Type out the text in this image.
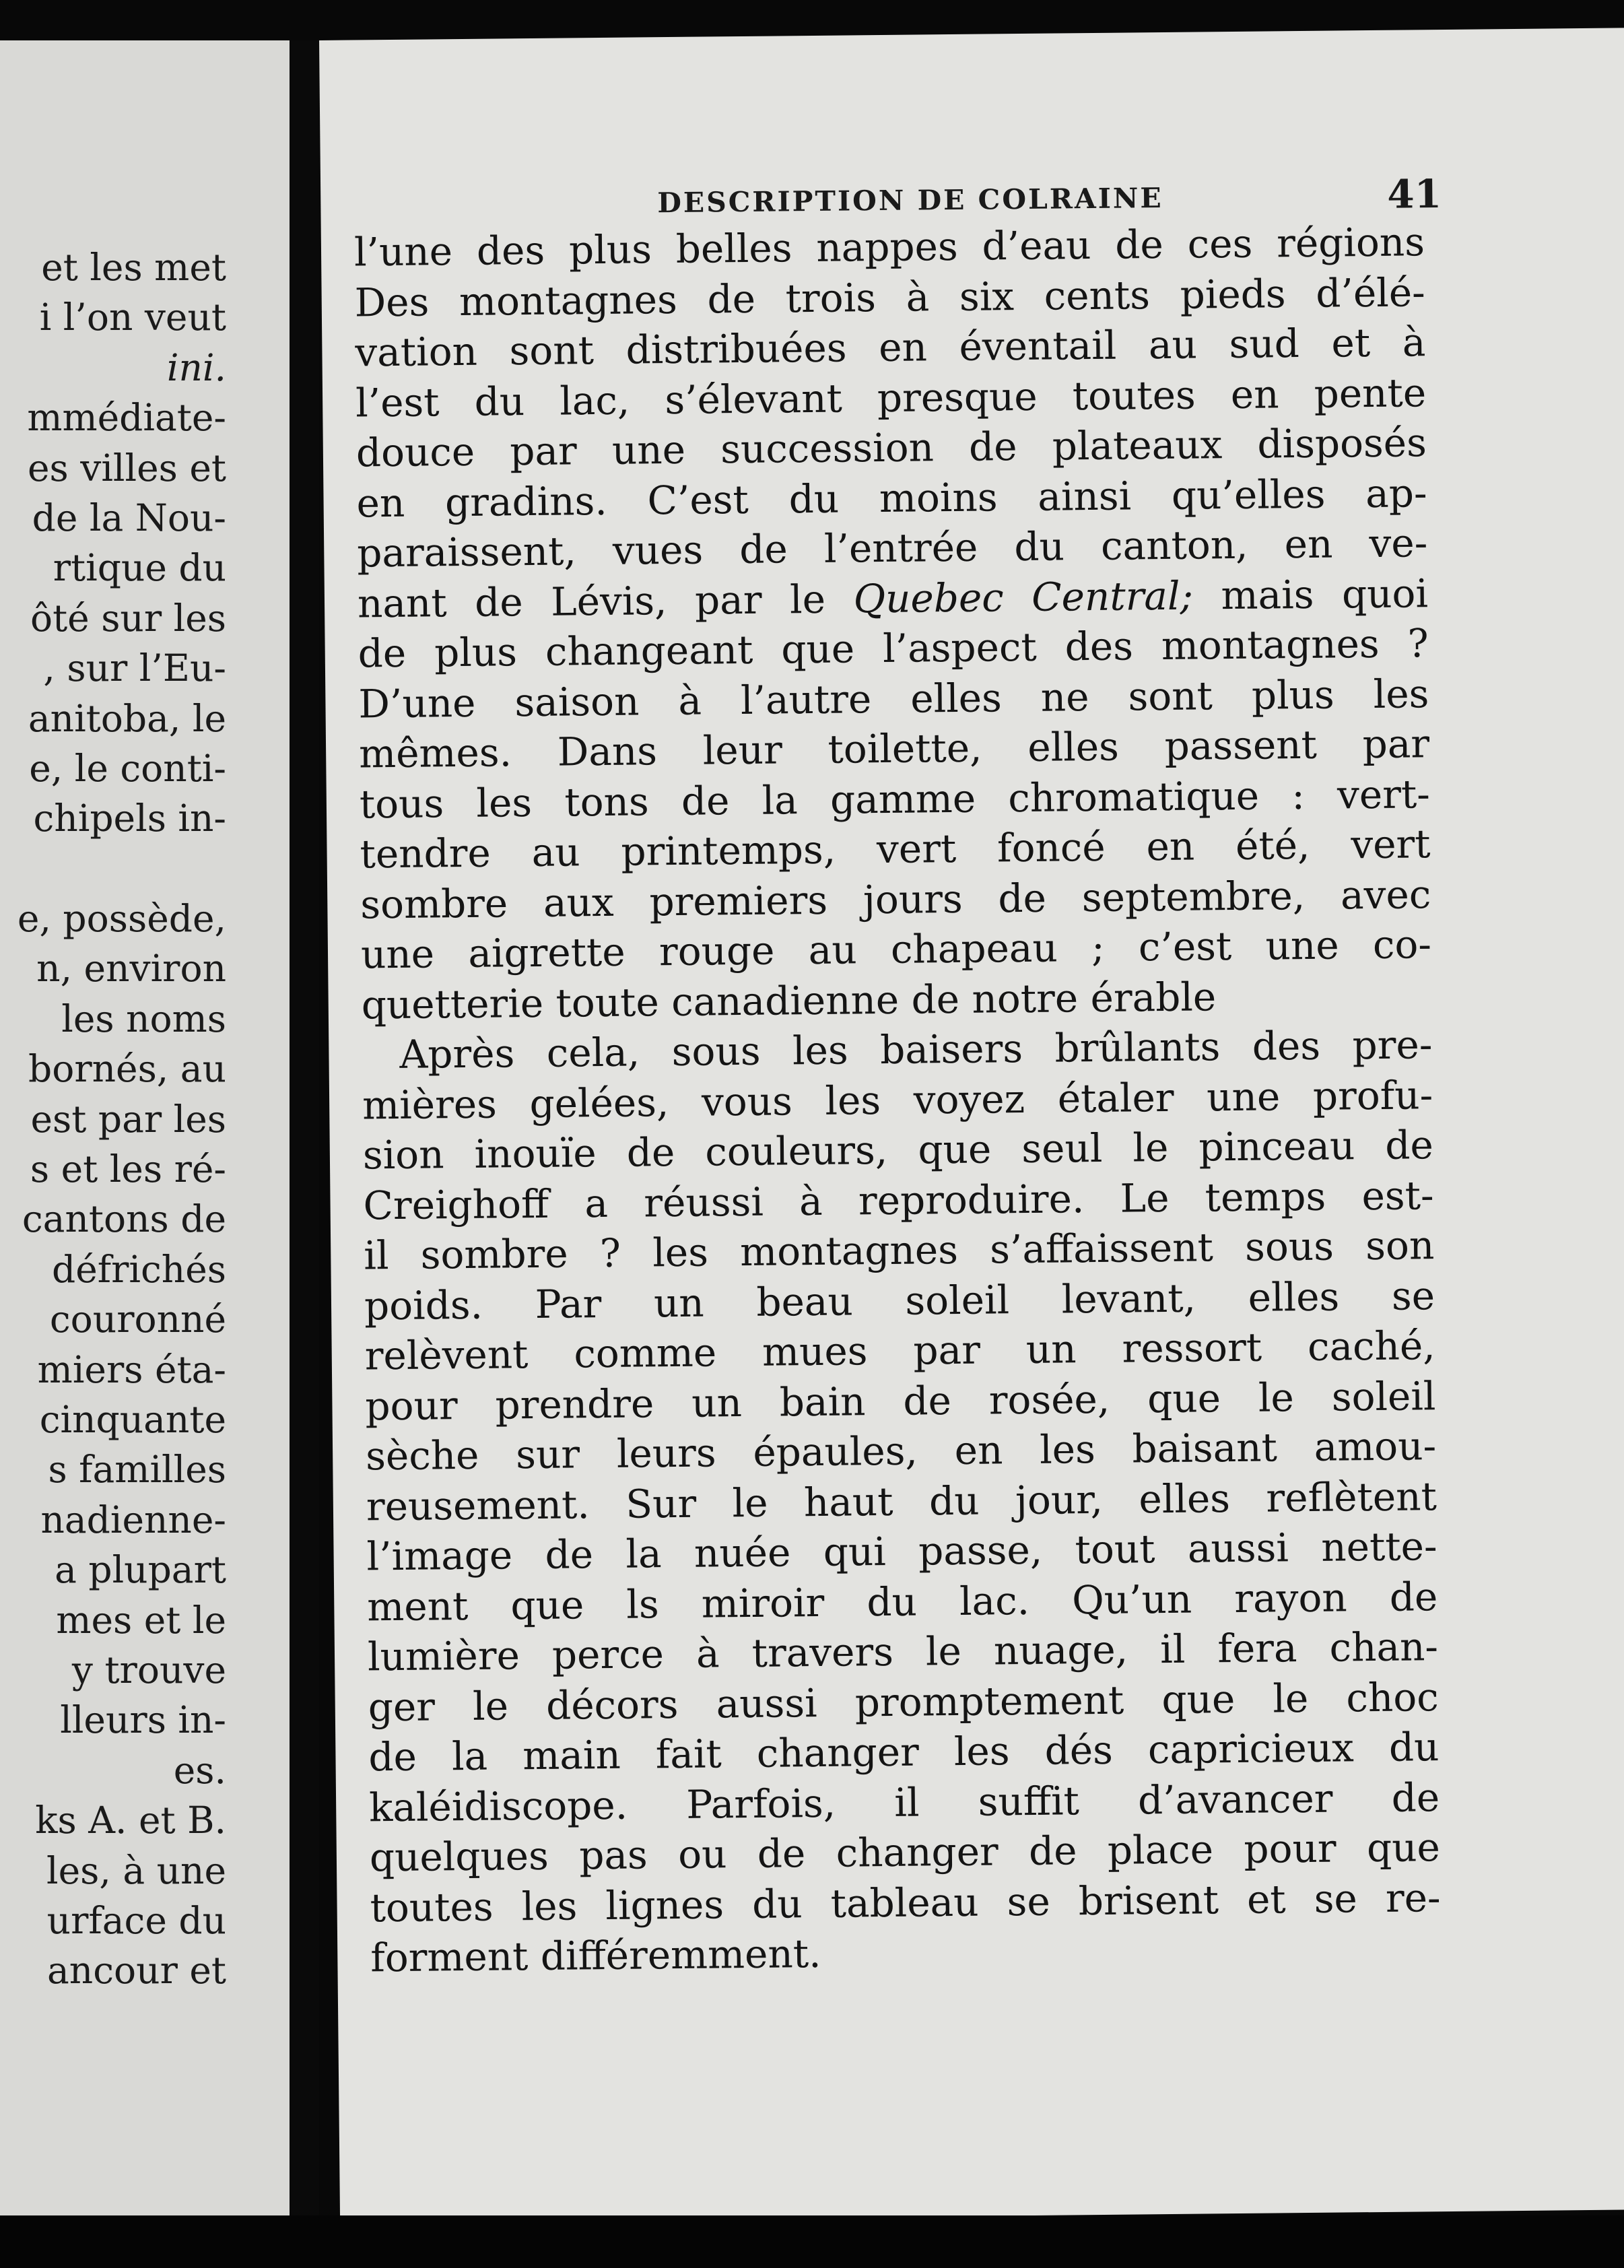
et les met
i l’on veut
ini.
mmédiate-
es villes et
de la Nou-
rtique du
ôté sur les
, sur l’Eu-
anitoba, le
e, le conti-
chipels in-
e, possède,
n, environ
les noms
bornés, au
est par les
s et les ré-
cantons de
défrichés
couronné
miers éta-
cinquante
s familles
nadienne-
a plupart
mes et le
y trouve
lleurs in-
es.
ks A. et B.
les, à une
urface du
ancour et
DESCRIPTION DE COLRAINE	41
l’une des plus belles nappes d’eau de ces régions
Des montagnes de trois à six cents pieds d’élé-
vation sont distribuées en éventail au sud et à
l’est du lac, s’élevant presque toutes en pente
douce par une succession de plateaux disposés
en gradins. C’est du moins ainsi qu’elles ap-
paraissent, vues de l’entrée du canton, en ve-
nant de Lévis, par le Quebec Central; mais quoi
de plus changeant que l’aspect des montagnes ?
D’une saison à l’autre elles ne sont plus les
mêmes. Dans leur toilette, elles passent par
tous les tons de la gamme chromatique : vert-
tendre au printemps, vert foncé en été, vert
sombre aux premiers jours de septembre, avec
une aigrette rouge au chapeau ; c’est une co-
quetterie toute canadienne de notre érable
Après cela, sous les baisers brûlants des pre-
mières gelées, vous les voyez étaler une profu-
sion inouïe de couleurs, que seul le pinceau de
Creighoff a réussi à reproduire. Le temps est-
il sombre ? les montagnes s’affaissent sous son
poids. Par un beau soleil levant, elles se
relèvent comme mues par un ressort caché,
pour prendre un bain de rosée, que le soleil
sèche sur leurs épaules, en les baisant amou-
reusement. Sur le haut du jour, elles reflètent
l’image de la nuée qui passe, tout aussi nette-
ment que ls miroir du lac. Qu’un rayon de
lumière perce à travers le nuage, il fera chan-
ger le décors aussi promptement que le choc
de la main fait changer les dés capricieux du
kaléidiscope. Parfois, il suffit d’avancer de
quelques pas ou de changer de place pour que
toutes les lignes du tableau se brisent et se re-
forment différemment.
